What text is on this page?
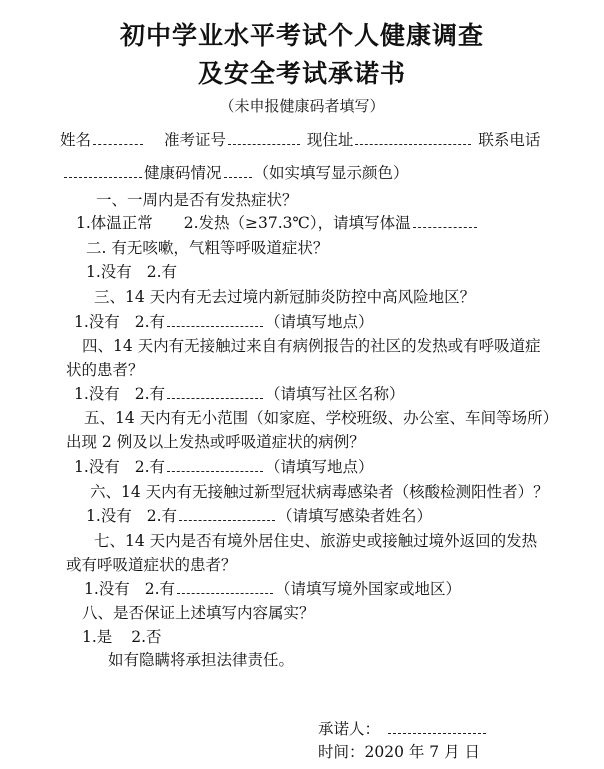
初中学业水平考试个人健康调查
及安全考试承诺书
（未申报健康码者填写）
姓名	准考证号	现住址	联系电话
健康码情况 （如实填写显示颜色）
一、一周内是否有发热症状？
1.体温正常 2.发热（≥37.3℃），请填写体温
二. 有无咳嗽，气粗等呼吸道症状？
1.没有 2.有
三、14 天内有无去过境内新冠肺炎防控中高风险地区？
1.没有 2.有	（请填写地点）
四、14 天内有无接触过来自有病例报告的社区的发热或有呼吸道症
状的患者？
1.没有 2.有	（请填写社区名称）
五、14 天内有无小范围（如家庭、学校班级、办公室、车间等场所）
出现 2 例及以上发热或呼吸道症状的病例？
1.没有 2.有	（请填写地点）
六、14 天内有无接触过新型冠状病毒感染者（核酸检测阳性者）？
1.没有 2.有	（请填写感染者姓名）
七、14 天内是否有境外居住史、旅游史或接触过境外返回的发热
或有呼吸道症状的患者？
1.没有 2.有	（请填写境外国家或地区）
八、是否保证上述填写内容属实？
1.是 2.否
如有隐瞒将承担法律责任。
承诺人：
时间：2020 年 7 月 日
